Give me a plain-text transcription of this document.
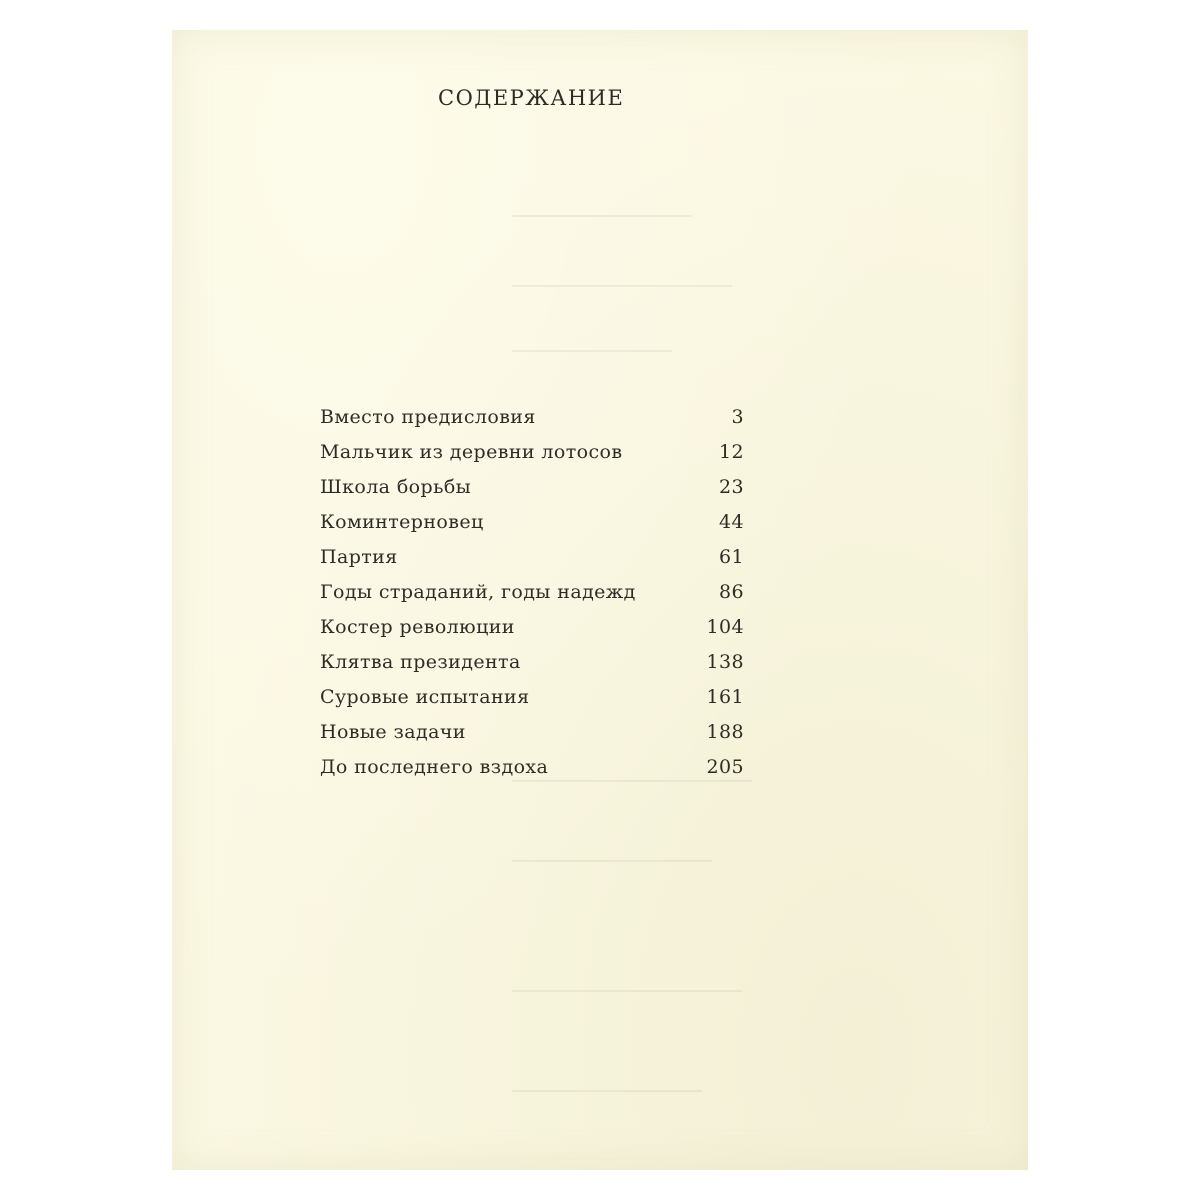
СОДЕРЖАНИЕ
Вместо предисловия	3
Мальчик из деревни лотосов	12
Школа борьбы	23
Коминтерновец	44
Партия	61
Годы страданий, годы надежд	86
Костер революции	104
Клятва президента	138
Суровые испытания	161
Новые задачи	188
До последнего вздоха	205
